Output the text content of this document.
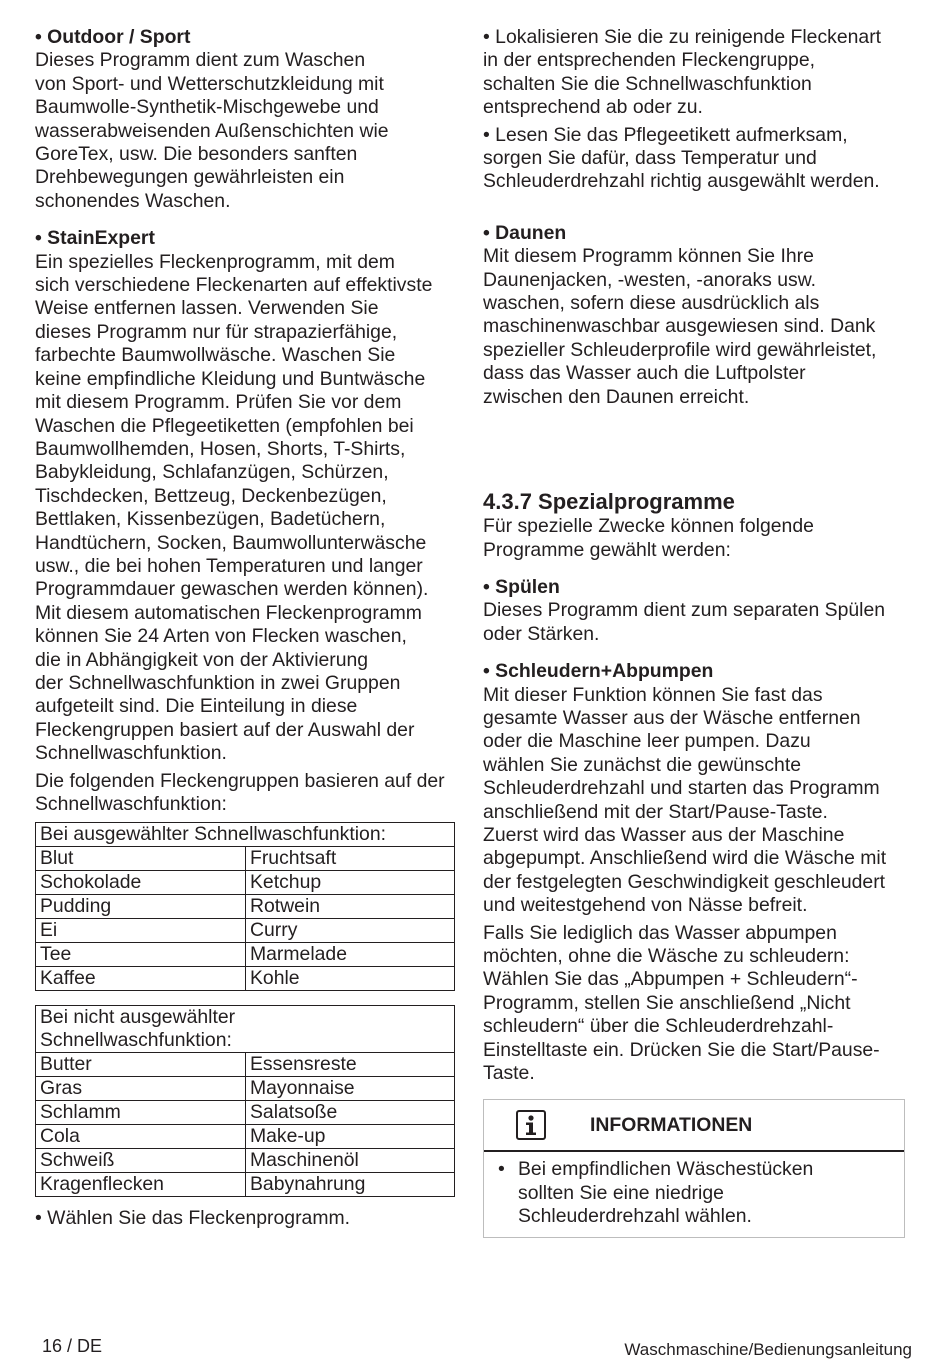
• Outdoor / Sport

Dieses Programm dient zum Waschen
von Sport- und Wetterschutzkleidung mit
Baumwolle-Synthetik-Mischgewebe und
wasserabweisenden Außenschichten wie
GoreTex, usw. Die besonders sanften
Drehbewegungen gewährleisten ein
schonendes Waschen.

• StainExpert

Ein spezielles Fleckenprogramm, mit dem
sich verschiedene Fleckenarten auf effektivste
Weise entfernen lassen. Verwenden Sie
dieses Programm nur für strapazierfähige,
farbechte Baumwollwäsche. Waschen Sie
keine empfindliche Kleidung und Buntwäsche
mit diesem Programm. Prüfen Sie vor dem
Waschen die Pflegeetiketten (empfohlen bei
Baumwollhemden, Hosen, Shorts, T-Shirts,
Babykleidung, Schlafanzügen, Schürzen,
Tischdecken, Bettzeug, Deckenbezügen,
Bettlaken, Kissenbezügen, Badetüchern,
Handtüchern, Socken, Baumwollunterwäsche
usw., die bei hohen Temperaturen und langer
Programmdauer gewaschen werden können).
Mit diesem automatischen Fleckenprogramm
können Sie 24 Arten von Flecken waschen,
die in Abhängigkeit von der Aktivierung
der Schnellwaschfunktion in zwei Gruppen
aufgeteilt sind. Die Einteilung in diese
Fleckengruppen basiert auf der Auswahl der
Schnellwaschfunktion.
Die folgenden Fleckengruppen basieren auf der
Schnellwaschfunktion:
Bei ausgewählter Schnellwaschfunktion:	
Blut	Fruchtsaft
Schokolade	Ketchup
Pudding	Rotwein
Ei	Curry
Tee	Marmelade
Kaffee	Kohle
Bei nicht ausgewählter
Schnellwaschfunktion:	

Butter	Essensreste
Gras	Mayonnaise
Schlamm	Salatsoße
Cola	Make-up
Schweiß	Maschinenöl
Kragenflecken	Babynahrung

• Wählen Sie das Fleckenprogramm.

• Lokalisieren Sie die zu reinigende Fleckenart
in der entsprechenden Fleckengruppe,
schalten Sie die Schnellwaschfunktion
entsprechend ab oder zu.
• Lesen Sie das Pflegeetikett aufmerksam,
sorgen Sie dafür, dass Temperatur und
Schleuderdrehzahl richtig ausgewählt werden.

• Daunen

Mit diesem Programm können Sie Ihre
Daunenjacken, -westen, -anoraks usw.
waschen, sofern diese ausdrücklich als
maschinenwaschbar ausgewiesen sind. Dank
spezieller Schleuderprofile wird gewährleistet,
dass das Wasser auch die Luftpolster
zwischen den Daunen erreicht.

4.3.7 Spezialprogramme

Für spezielle Zwecke können folgende
Programme gewählt werden:

• Spülen

Dieses Programm dient zum separaten Spülen
oder Stärken.

• Schleudern+Abpumpen

Mit dieser Funktion können Sie fast das
gesamte Wasser aus der Wäsche entfernen
oder die Maschine leer pumpen. Dazu
wählen Sie zunächst die gewünschte
Schleuderdrehzahl und starten das Programm
anschließend mit der Start/Pause-Taste.
Zuerst wird das Wasser aus der Maschine
abgepumpt. Anschließend wird die Wäsche mit
der festgelegten Geschwindigkeit geschleudert
und weitestgehend von Nässe befreit.
Falls Sie lediglich das Wasser abpumpen
möchten, ohne die Wäsche zu schleudern:
Wählen Sie das „Abpumpen + Schleudern“-
Programm, stellen Sie anschließend „Nicht
schleudern“ über die Schleuderdrehzahl-
Einstelltaste ein. Drücken Sie die Start/Pause-
Taste.
INFORMATIONEN
• Bei empfindlichen Wäschestücken
sollten Sie eine niedrige
Schleuderdrehzahl wählen.
16 / DE	Waschmaschine/Bedienungsanleitung
